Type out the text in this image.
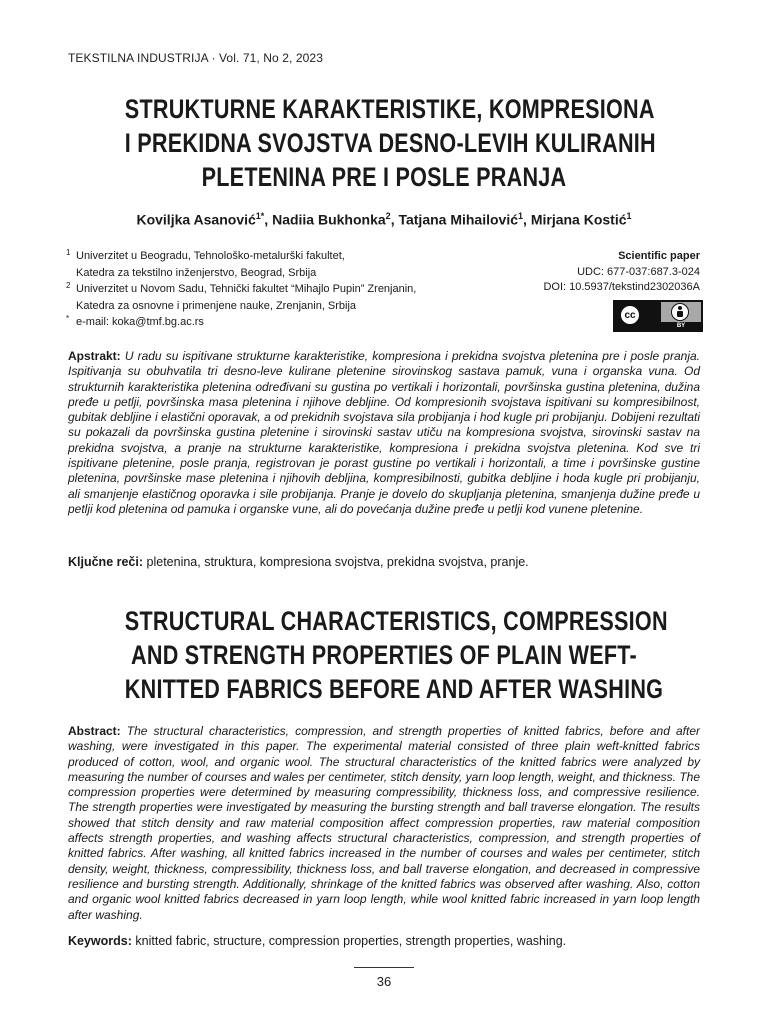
TEKSTILNA INDUSTRIJA · Vol. 71, No 2, 2023
STRUKTURNE KARAKTERISTIKE, KOMPRESIONA
I PREKIDNA SVOJSTVA DESNO-LEVIH KULIRANIH
PLETENINA PRE I POSLE PRANJA
Koviljka Asanović$^{1*}$, Nadiia Bukhonka$^2$, Tatjana Mihailović$^1$, Mirjana Kostić$^1$
1 Univerzitet u Beogradu, Tehnološko-metalurški fakultet,
Katedra za tekstilno inženjerstvo, Beograd, Srbija
2 Univerzitet u Novom Sadu, Tehnički fakultet “Mihajlo Pupin” Zrenjanin,
Katedra za osnovne i primenjene nauke, Zrenjanin, Srbija
* e-mail: koka@tmf.bg.ac.rs
Scientific paper
UDC: 677-037:687.3-024
DOI: 10.5937/tekstind2302036A
cc
BY
Apstrakt: U radu su ispitivane strukturne karakteristike, kompresiona i prekidna svojstva pletenina pre i posle pranja. Ispitivanja su obuhvatila tri desno-leve kulirane pletenine sirovinskog sastava pamuk, vuna i organska vuna. Od strukturnih karakteristika pletenina određivani su gustina po vertikali i horizontali, površinska gustina pletenina, dužina pređe u petlji, površinska masa pletenina i njihove debljine. Od kompresionih svojstava ispitivani su kompresibilnost, gubitak debljine i elastični oporavak, a od prekidnih svojstava sila probijanja i hod kugle pri probijanju. Dobijeni rezultati su pokazali da površinska gustina pletenine i sirovinski sastav utiču na kompresiona svojstva, sirovinski sastav na prekidna svojstva, a pranje na strukturne karakteristike, kompresiona i prekidna svojstva pletenina. Kod sve tri ispitivane pletenine, posle pranja, registrovan je porast gustine po vertikali i horizontali, a time i površinske gustine pletenina, površinske mase pletenina i njihovih debljina, kompresibilnosti, gubitka debljine i hoda kugle pri probijanju, ali smanjenje elastičnog oporavka i sile probijanja. Pranje je dovelo do skupljanja pletenina, smanjenja dužine pređe u petlji kod pletenina od pamuka i organske vune, ali do povećanja dužine pređe u petlji kod vunene pletenine.
Ključne reči: pletenina, struktura, kompresiona svojstva, prekidna svojstva, pranje.
STRUCTURAL CHARACTERISTICS, COMPRESSION
AND STRENGTH PROPERTIES OF PLAIN WEFT-
KNITTED FABRICS BEFORE AND AFTER WASHING
Abstract: The structural characteristics, compression, and strength properties of knitted fabrics, before and after washing, were investigated in this paper. The experimental material consisted of three plain weft-knitted fabrics produced of cotton, wool, and organic wool. The structural characteristics of the knitted fabrics were analyzed by measuring the number of courses and wales per centimeter, stitch density, yarn loop length, weight, and thickness. The compression properties were determined by measuring compressibility, thickness loss, and compressive resilience. The strength properties were investigated by measuring the bursting strength and ball traverse elongation. The results showed that stitch density and raw material composition affect compression properties, raw material composition affects strength properties, and washing affects structural characteristics, compression, and strength properties of knitted fabrics. After washing, all knitted fabrics increased in the number of courses and wales per centimeter, stitch density, weight, thickness, compressibility, thickness loss, and ball traverse elongation, and decreased in compressive resilience and bursting strength. Additionally, shrinkage of the knitted fabrics was observed after washing. Also, cotton and organic wool knitted fabrics decreased in yarn loop length, while wool knitted fabric increased in yarn loop length after washing.
Keywords: knitted fabric, structure, compression properties, strength properties, washing.
36
